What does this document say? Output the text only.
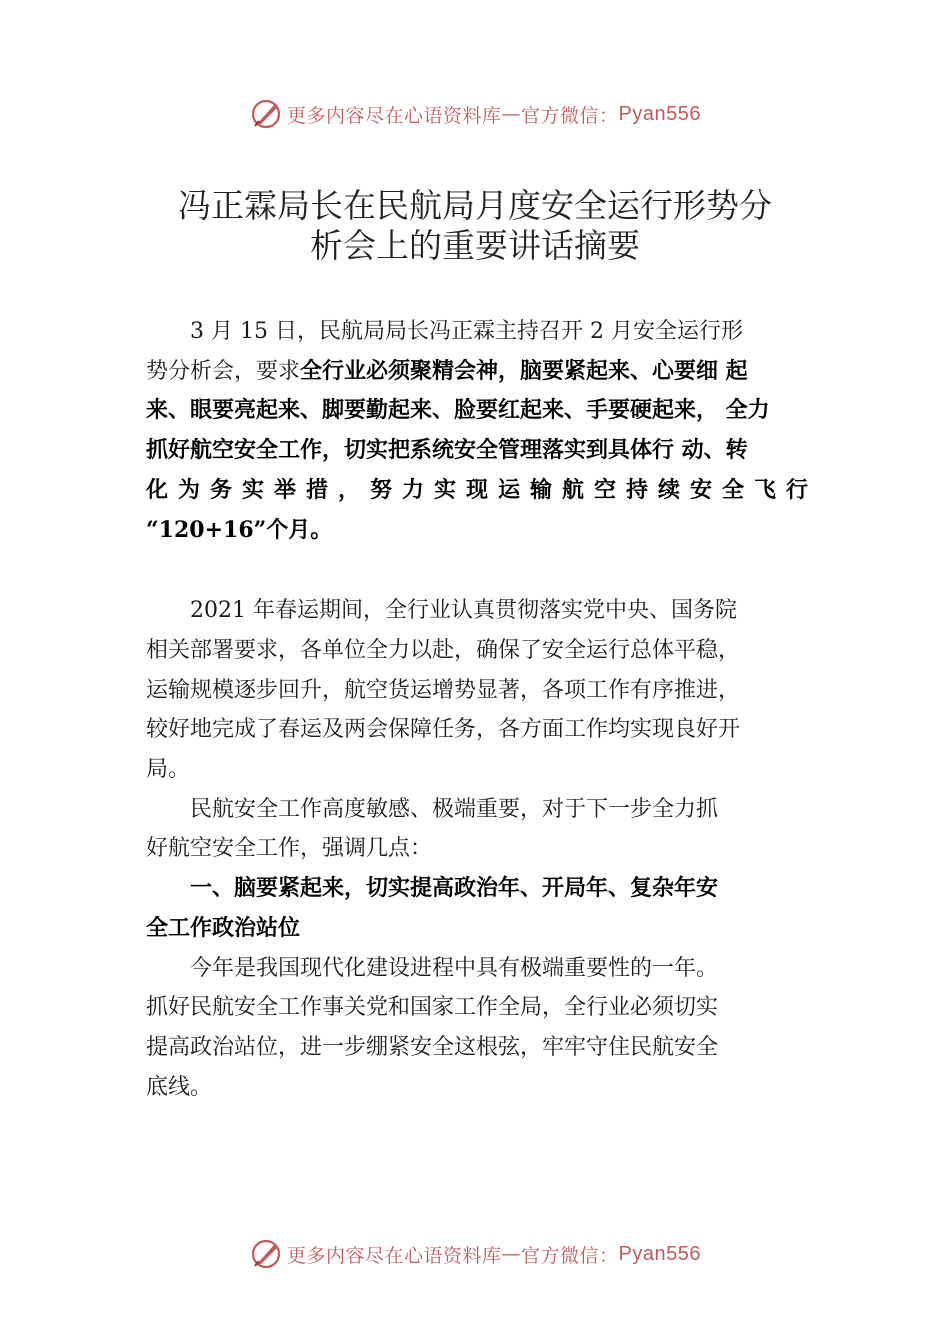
更多内容尽在心语资料库 — 官方微信： Pyan556
冯正霖局长在民航局月度安全运行形势分
析会上的重要讲话摘要

3 月 15 日，民航局局长冯正霖主持召开 2 月安全运行形

势分析会，要求全行业必须聚精会神，脑要紧起来、心要细 起

来、眼要亮起来、脚要勤起来、脸要红起来、手要硬起来， 全力

抓好航空安全工作，切实把系统安全管理落实到具体行 动、转

化为务实举措，努力实现运输航空持续安全飞行

“120+16”个月。

2021 年春运期间，全行业认真贯彻落实党中央、国务院

相关部署要求，各单位全力以赴，确保了安全运行总体平稳，

运输规模逐步回升，航空货运增势显著，各项工作有序推进，

较好地完成了春运及两会保障任务，各方面工作均实现良好开

局。

民航安全工作高度敏感、极端重要，对于下一步全力抓

好航空安全工作，强调几点：

一、脑要紧起来，切实提高政治年、开局年、复杂年安

全工作政治站位

今年是我国现代化建设进程中具有极端重要性的一年。

抓好民航安全工作事关党和国家工作全局，全行业必须切实

提高政治站位，进一步绷紧安全这根弦，牢牢守住民航安全

底线。

更多内容尽在心语资料库 — 官方微信： Pyan556
